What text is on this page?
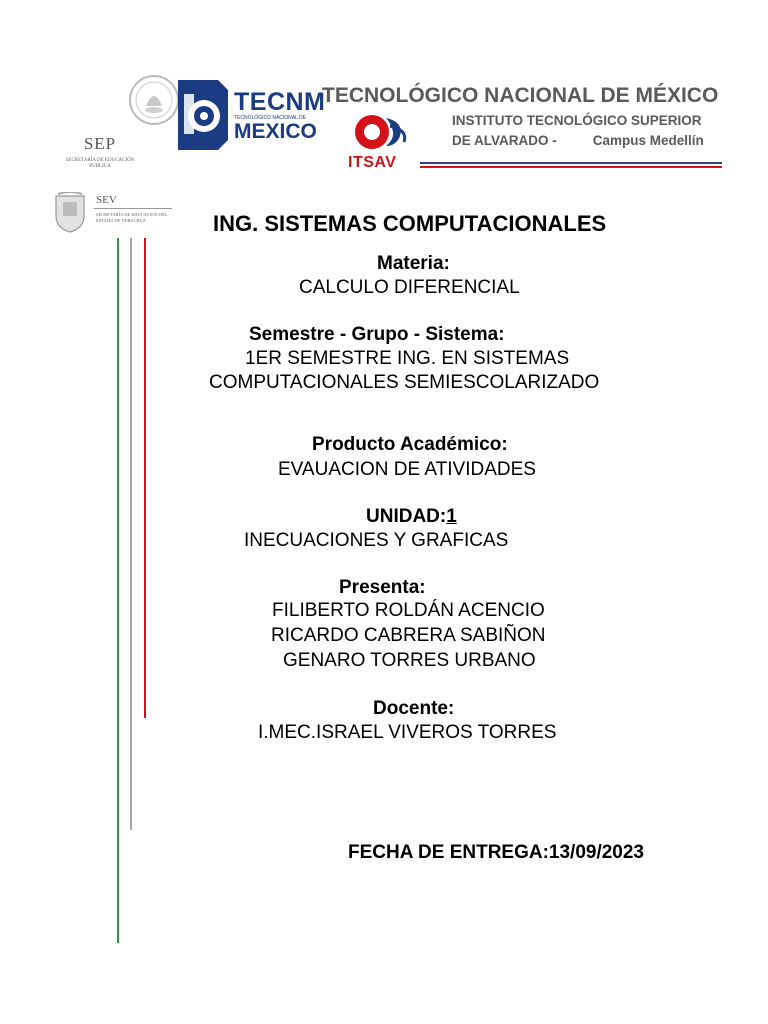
SEP
SECRETARÍA DE EDUCACIÓN PÚBLICA
SEV
SECRETARÍA DE EDUCACIÓN DEL ESTADO DE VERACRUZ
TECNM
TECNOLÓGICO NACIONAL DE
MEXICO
TECNOLÓGICO NACIONAL DE MÉXICO
INSTITUTO TECNOLÓGICO SUPERIOR
DE ALVARADO -	Campus Medellín
ITSAV
ING. SISTEMAS COMPUTACIONALES
Materia:
CALCULO DIFERENCIAL
Semestre - Grupo - Sistema:
1ER SEMESTRE ING. EN SISTEMAS
COMPUTACIONALES SEMIESCOLARIZADO
Producto Académico:
EVAUACION DE ATIVIDADES
UNIDAD:1
INECUACIONES Y GRAFICAS
Presenta:
FILIBERTO ROLDÁN ACENCIO
RICARDO CABRERA SABIÑON
GENARO TORRES URBANO
Docente:
I.MEC.ISRAEL VIVEROS TORRES
FECHA DE ENTREGA:13/09/2023
